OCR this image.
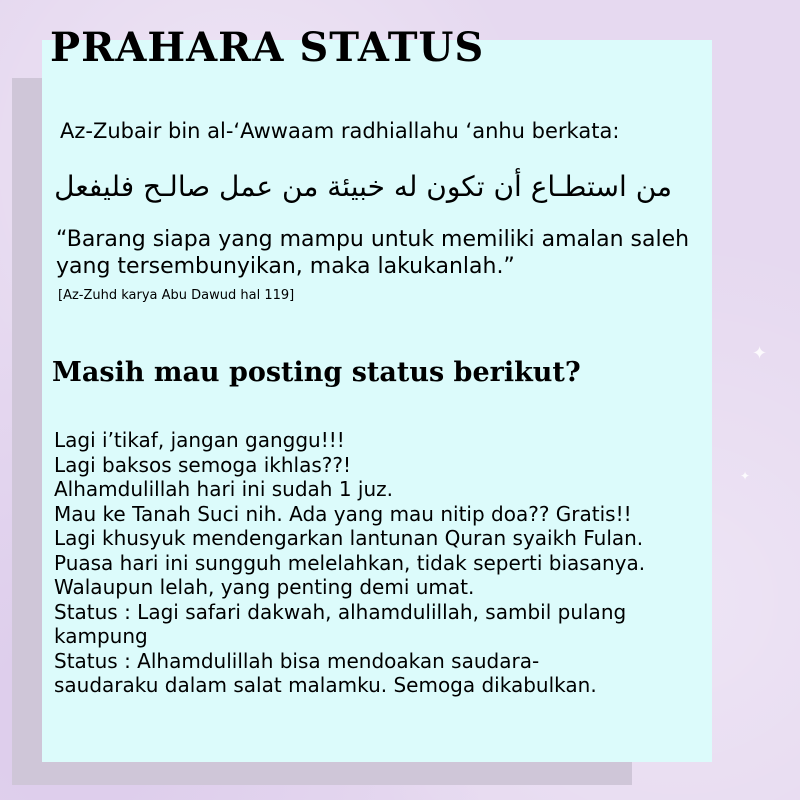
✦
✦
PRAHARA STATUS

Az-Zubair bin al-‘Awwaam radhiallahu ‘anhu berkata:

من استطـاع أن تكون له خبيئة من عمل صالـح فليفعل

“Barang siapa yang mampu untuk memiliki amalan saleh
yang tersembunyikan, maka lakukanlah.”

[Az-Zuhd karya Abu Dawud hal 119]

Masih mau posting status berikut?
Lagi i’tikaf, jangan ganggu!!!
Lagi baksos semoga ikhlas??!
Alhamdulillah hari ini sudah 1 juz.
Mau ke Tanah Suci nih. Ada yang mau nitip doa?? Gratis!!
Lagi khusyuk mendengarkan lantunan Quran syaikh Fulan.
Puasa hari ini sungguh melelahkan, tidak seperti biasanya.
Walaupun lelah, yang penting demi umat.
Status : Lagi safari dakwah, alhamdulillah, sambil pulang
kampung
Status : Alhamdulillah bisa mendoakan saudara-
saudaraku dalam salat malamku. Semoga dikabulkan.
